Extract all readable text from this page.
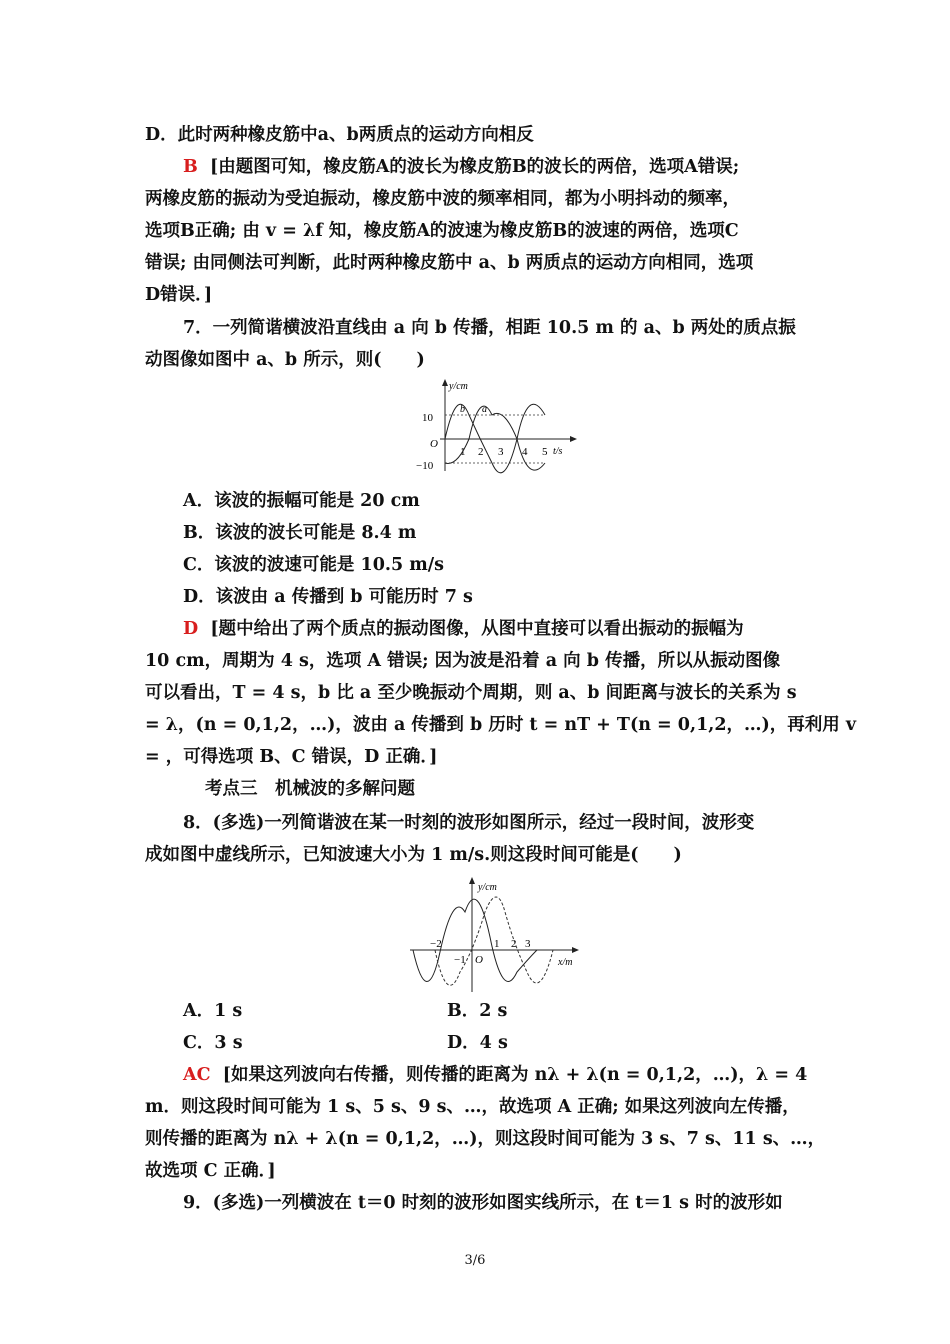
D．此时两种橡皮筋中a、b两质点的运动方向相反
B [由题图可知，橡皮筋A的波长为橡皮筋B的波长的两倍，选项A错误;
两橡皮筋的振动为受迫振动，橡皮筋中波的频率相同，都为小明抖动的频率，
选项B正确; 由 v = λf 知，橡皮筋A的波速为橡皮筋B的波速的两倍，选项C
错误; 由同侧法可判断，此时两种橡皮筋中 a、b 两质点的运动方向相同，选项
D错误．]
7．一列简谐横波沿直线由 a 向 b 传播，相距 10.5 m 的 a、b 两处的质点振
动图像如图中 a、b 所示，则(　　)
y/cm
t/s
10
O
−10
1 2 3 4 5
b a
A．该波的振幅可能是 20 cm
B．该波的波长可能是 8.4 m
C．该波的波速可能是 10.5 m/s
D．该波由 a 传播到 b 可能历时 7 s
D [题中给出了两个质点的振动图像，从图中直接可以看出振动的振幅为
10 cm，周期为 4 s，选项 A 错误; 因为波是沿着 a 向 b 传播，所以从振动图像
可以看出，T = 4 s，b 比 a 至少晚振动个周期，则 a、b 间距离与波长的关系为 s
= λ，(n = 0,1,2，…)，波由 a 传播到 b 历时 t = nT + T(n = 0,1,2，…)，再利用 v
= ，可得选项 B、C 错误，D 正确．]
考点三　机械波的多解问题
8．(多选)一列简谐波在某一时刻的波形如图所示，经过一段时间，波形变
成如图中虚线所示，已知波速大小为 1 m/s.则这段时间可能是(　　)
y/cm
x/m
−2
−1 O
1 2 3
A．1 s	B．2 s
C．3 s	D．4 s
AC [如果这列波向右传播，则传播的距离为 nλ + λ(n = 0,1,2，…)，λ = 4
m．则这段时间可能为 1 s、5 s、9 s、…，故选项 A 正确; 如果这列波向左传播，
则传播的距离为 nλ + λ(n = 0,1,2，…)，则这段时间可能为 3 s、7 s、11 s、…，
故选项 C 正确．]
9．(多选)一列横波在 t＝0 时刻的波形如图实线所示，在 t＝1 s 时的波形如
3/6
